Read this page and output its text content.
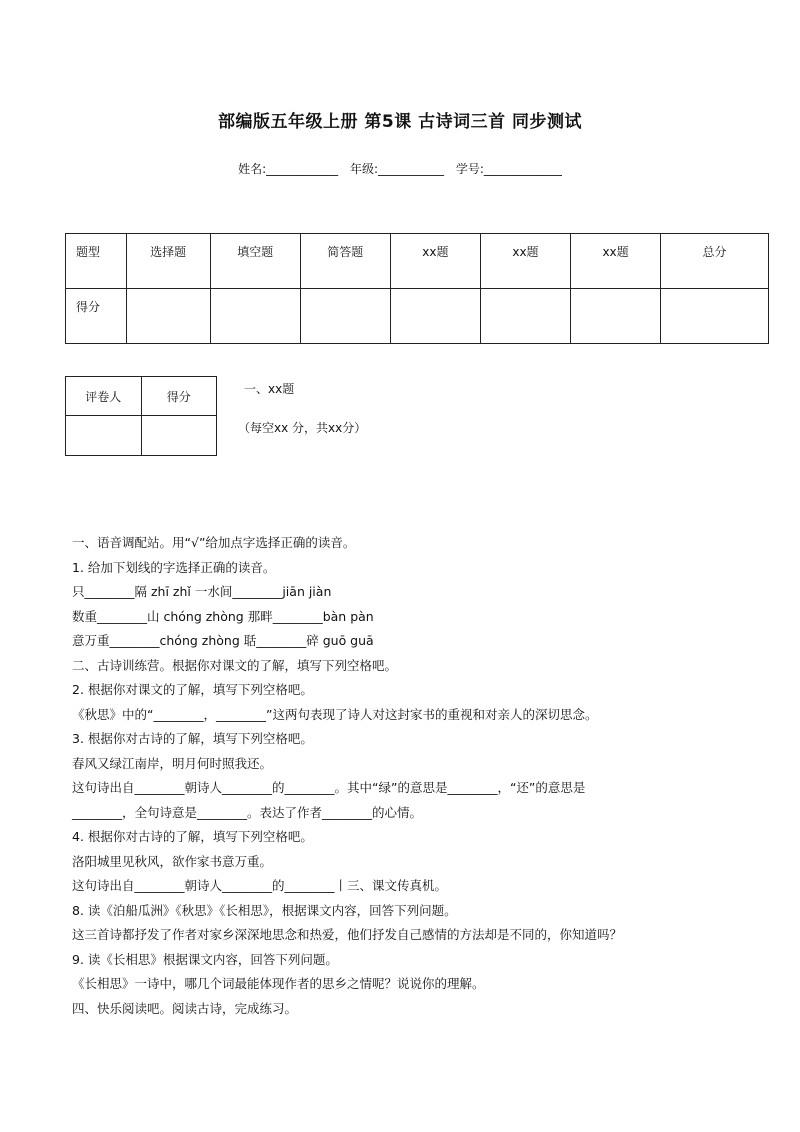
部编版五年级上册 第5课 古诗词三首 同步测试
姓名:____________ 年级:___________ 学号:_____________
题型	选择题	填空题	简答题	xx题	xx题	xx题	总分
得分							
评卷人	得分

一、xx题
（每空xx 分，共xx分）
一、语音调配站。用“√”给加点字选择正确的读音。
1. 给加下划线的字选择正确的读音。
只________隔 zhī zhǐ 一水间________jiān jiàn
数重________山 chóng zhòng 那畔________bàn pàn
意万重________chóng zhòng 聒________碎 guō guā
二、古诗训练营。根据你对课文的了解，填写下列空格吧。
2. 根据你对课文的了解，填写下列空格吧。
《秋思》中的“________，________”这两句表现了诗人对这封家书的重视和对亲人的深切思念。
3. 根据你对古诗的了解，填写下列空格吧。
春风又绿江南岸，明月何时照我还。
这句诗出自________朝诗人________的________。其中“绿”的意思是________，“还”的意思是
________，全句诗意是________。表达了作者________的心情。
4. 根据你对古诗的了解，填写下列空格吧。
洛阳城里见秋风，欲作家书意万重。
这句诗出自________朝诗人________的________丨三、课文传真机。
8. 读《泊船瓜洲》《秋思》《长相思》，根据课文内容，回答下列问题。
这三首诗都抒发了作者对家乡深深地思念和热爱，他们抒发自己感情的方法却是不同的，你知道吗？
9. 读《长相思》根据课文内容，回答下列问题。
《长相思》一诗中，哪几个词最能体现作者的思乡之情呢？说说你的理解。
四、快乐阅读吧。阅读古诗，完成练习。
